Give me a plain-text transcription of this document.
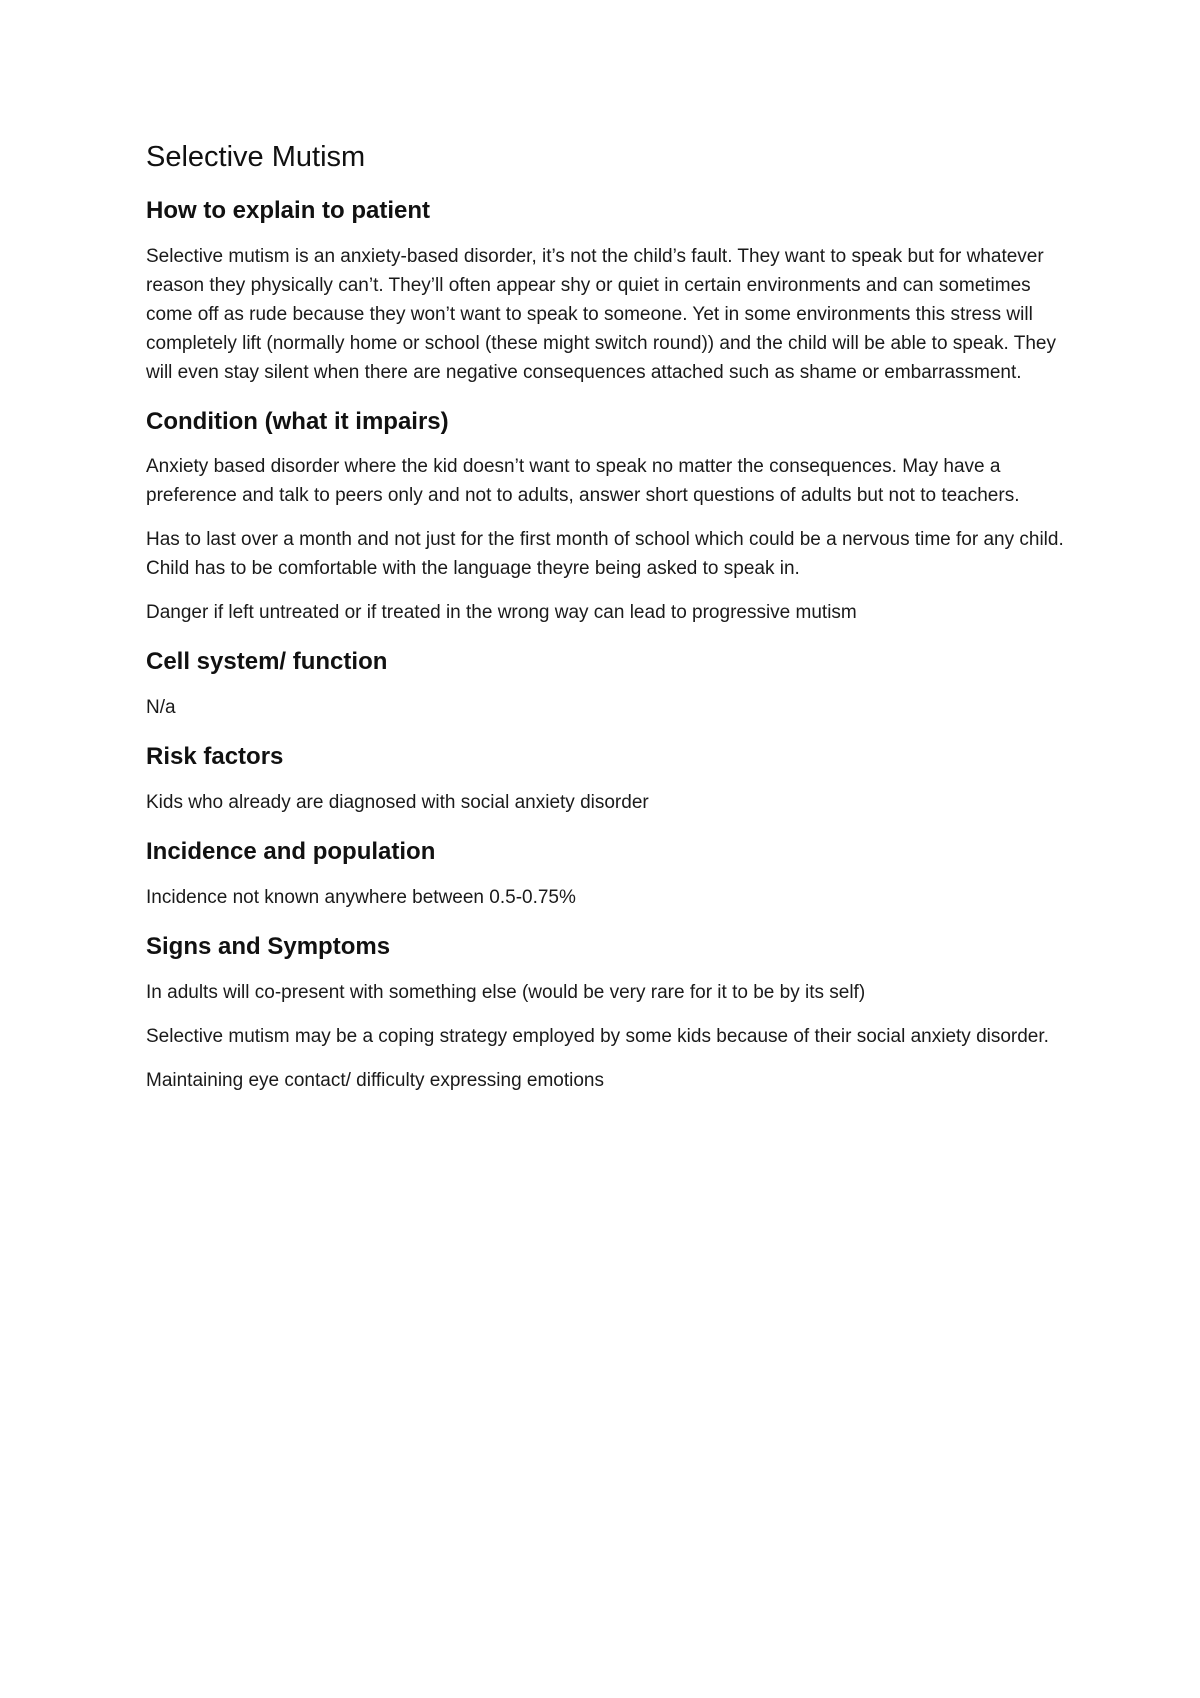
Selective Mutism
How to explain to patient

Selective mutism is an anxiety-based disorder, it’s not the child’s fault. They want to speak but for whatever reason they physically can’t. They’ll often appear shy or quiet in certain environments and can sometimes come off as rude because they won’t want to speak to someone. Yet in some environments this stress will completely lift (normally home or school (these might switch round)) and the child will be able to speak. They will even stay silent when there are negative consequences attached such as shame or embarrassment.

Condition (what it impairs)

Anxiety based disorder where the kid doesn’t want to speak no matter the consequences. May have a preference and talk to peers only and not to adults, answer short questions of adults but not to teachers.

Has to last over a month and not just for the first month of school which could be a nervous time for any child. Child has to be comfortable with the language theyre being asked to speak in.

Danger if left untreated or if treated in the wrong way can lead to progressive mutism

Cell system/ function

N/a

Risk factors

Kids who already are diagnosed with social anxiety disorder

Incidence and population

Incidence not known anywhere between 0.5-0.75%

Signs and Symptoms

In adults will co-present with something else (would be very rare for it to be by its self)

Selective mutism may be a coping strategy employed by some kids because of their social anxiety disorder.

Maintaining eye contact/ difficulty expressing emotions
